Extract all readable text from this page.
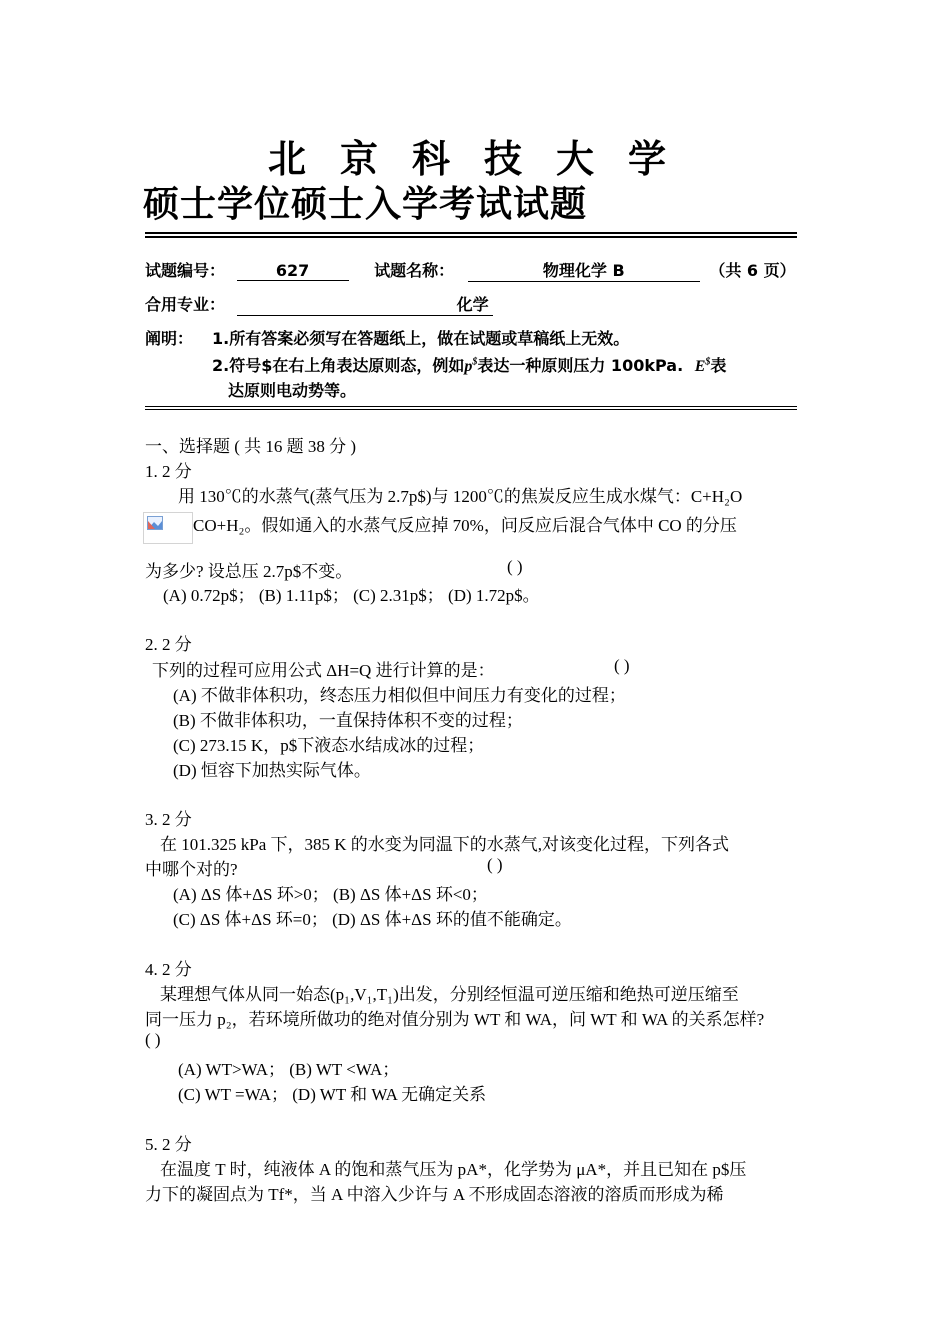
北京科技大学
硕士学位硕士入学考试试题
试题编号：	627	试题名称：	物理化学 B	（共 6 页）
合用专业：	化学
阐明： 1.所有答案必须写在答题纸上，做在试题或草稿纸上无效。
2.符号$在右上角表达原则态，例如p$表达一种原则压力 100kPa. E$表
达原则电动势等。
一、选择题 ( 共 16 题 38 分 )
1. 2 分
用 130℃的水蒸气(蒸气压为 2.7p$)与 1200℃的焦炭反应生成水煤气：C+H₂O
CO+H₂。假如通入的水蒸气反应掉 70%，问反应后混合气体中 CO 的分压
为多少? 设总压 2.7p$不变。	( )
(A) 0.72p$； (B) 1.11p$； (C) 2.31p$； (D) 1.72p$。
2. 2 分
下列的过程可应用公式 ΔH=Q 进行计算的是：	( )
(A) 不做非体积功，终态压力相似但中间压力有变化的过程；
(B) 不做非体积功，一直保持体积不变的过程；
(C) 273.15 K，p$下液态水结成冰的过程；
(D) 恒容下加热实际气体。
3. 2 分
在 101.325 kPa 下，385 K 的水变为同温下的水蒸气,对该变化过程，下列各式
中哪个对的?	( )
(A) ΔS 体+ΔS 环>0； (B) ΔS 体+ΔS 环<0；
(C) ΔS 体+ΔS 环=0； (D) ΔS 体+ΔS 环的值不能确定。
4. 2 分
某理想气体从同一始态(p₁,V₁,T₁)出发，分别经恒温可逆压缩和绝热可逆压缩至
同一压力 p₂，若环境所做功的绝对值分别为 WT 和 WA，问 WT 和 WA 的关系怎样?
( )
(A) WT>WA； (B) WT <WA；
(C) WT =WA； (D) WT 和 WA 无确定关系
5. 2 分
在温度 T 时，纯液体 A 的饱和蒸气压为 pA*，化学势为 μA*，并且已知在 p$压
力下的凝固点为 Tf*，当 A 中溶入少许与 A 不形成固态溶液的溶质而形成为稀
